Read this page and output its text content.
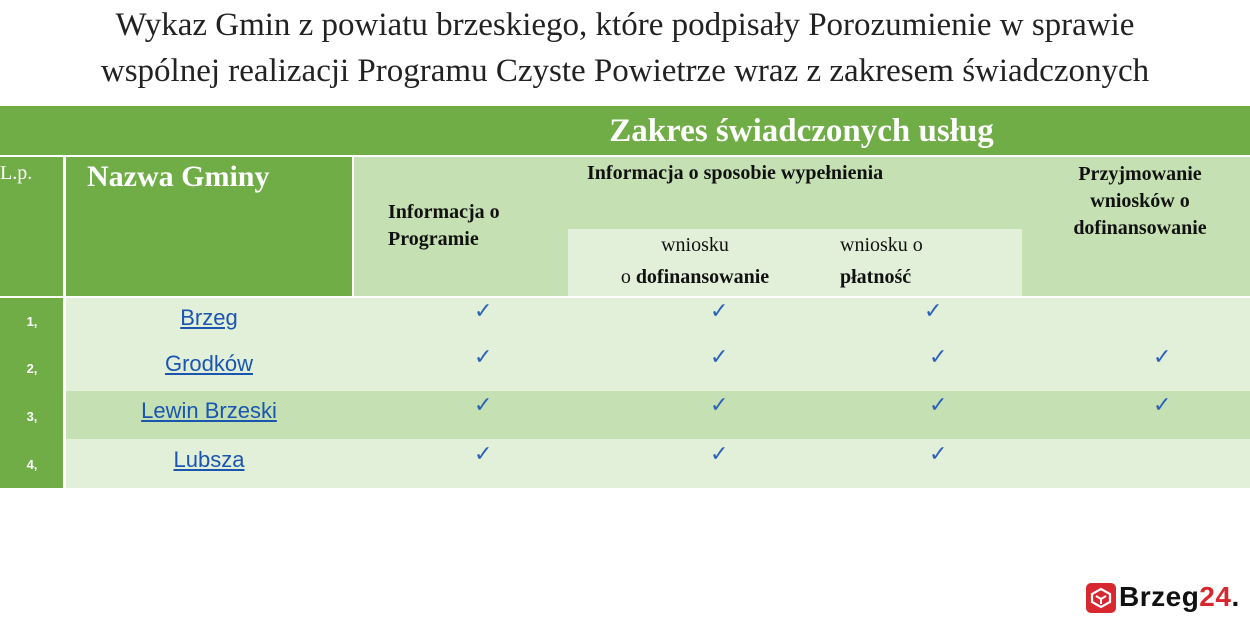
Wykaz Gmin z powiatu brzeskiego, które podpisały Porozumienie w sprawie
wspólnej realizacji Programu Czyste Powietrze wraz z zakresem świadczonych
Zakres świadczonych usług
L.p. Nazwa Gminy
Informacja o Programie
Informacja o sposobie wypełnienia	Przyjmowanie wniosków o dofinansowanie
wniosku
o dofinansowanie
wniosku o
płatność
1,	Brzeg	✓	✓	✓
2,	Grodków	✓	✓	✓	✓
3,	Lewin Brzeski	✓	✓	✓	✓
4,	Lubsza	✓	✓	✓
Brzeg24.
